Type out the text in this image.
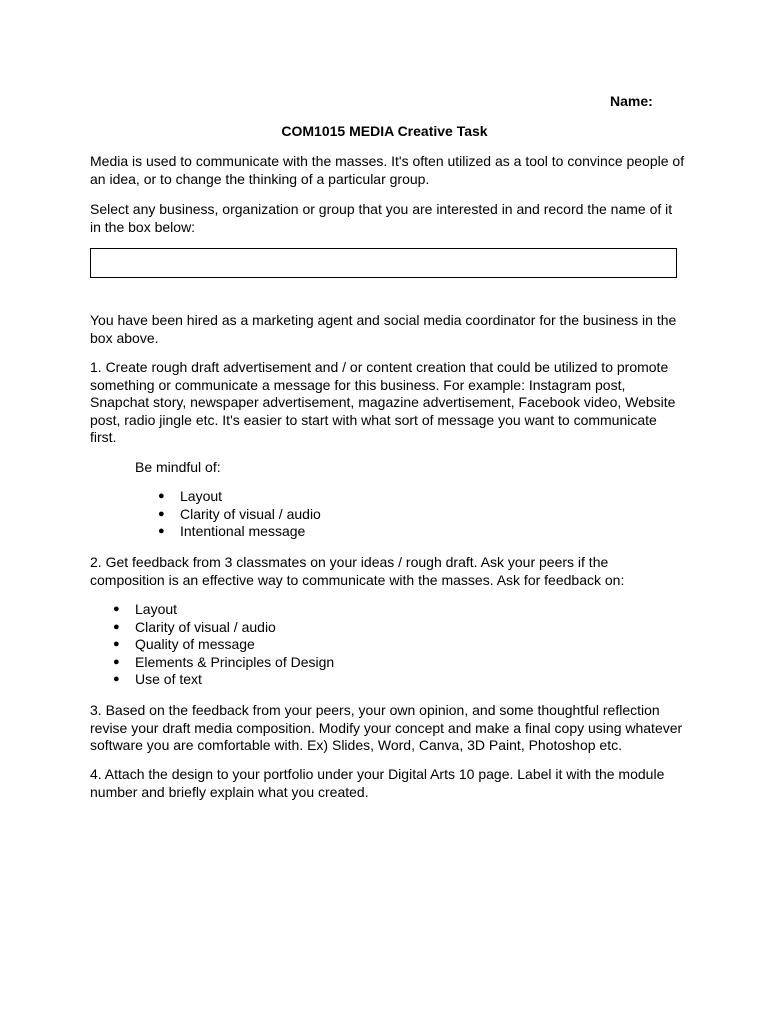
Name:
COM1015 MEDIA Creative Task

Media is used to communicate with the masses. It's often utilized as a tool to convince people of an idea, or to change the thinking of a particular group.

Select any business, organization or group that you are interested in and record the name of it in the box below:

You have been hired as a marketing agent and social media coordinator for the business in the box above.

1. Create rough draft advertisement and / or content creation that could be utilized to promote something or communicate a message for this business. For example: Instagram post, Snapchat story, newspaper advertisement, magazine advertisement, Facebook video, Website post, radio jingle etc. It's easier to start with what sort of message you want to communicate first.

Be mindful of:

● Layout
● Clarity of visual / audio
● Intentional message

2. Get feedback from 3 classmates on your ideas / rough draft. Ask your peers if the composition is an effective way to communicate with the masses. Ask for feedback on:

● Layout
● Clarity of visual / audio
● Quality of message
● Elements & Principles of Design
● Use of text

3. Based on the feedback from your peers, your own opinion, and some thoughtful reflection revise your draft media composition. Modify your concept and make a final copy using whatever software you are comfortable with. Ex) Slides, Word, Canva, 3D Paint, Photoshop etc.

4. Attach the design to your portfolio under your Digital Arts 10 page. Label it with the module number and briefly explain what you created.
